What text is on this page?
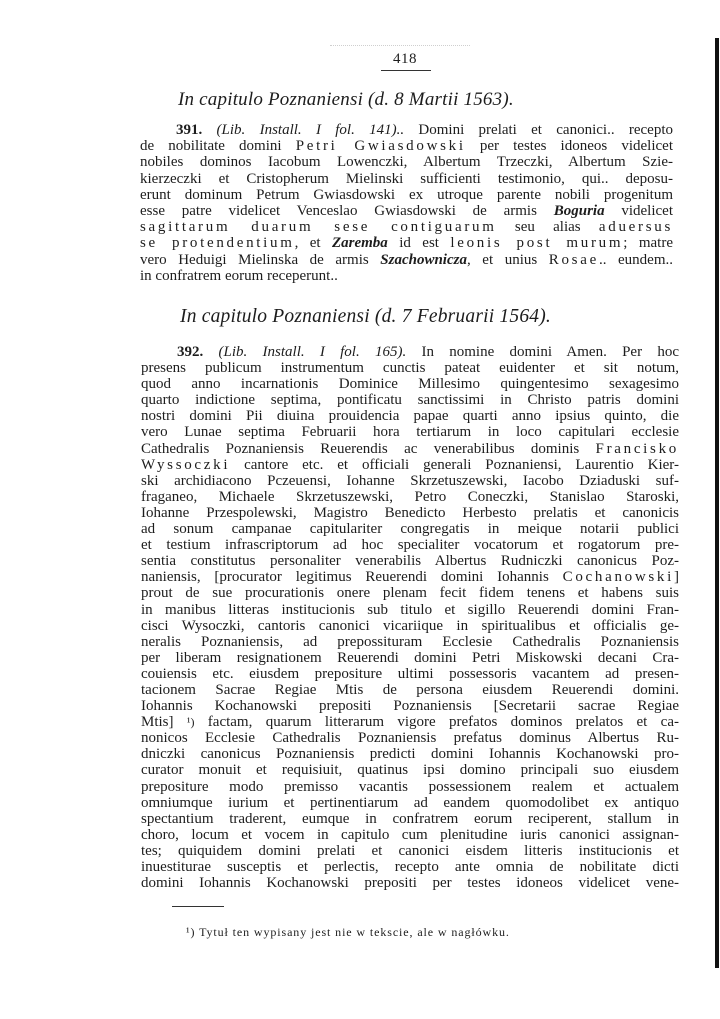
418
In capitulo Poznaniensi (d. 8 Martii 1563).
391. (Lib. Install. I fol. 141).. Domini prelati et canonici.. recepto
de nobilitate domini Petri Gwiasdowski per testes idoneos videlicet
nobiles dominos Iacobum Lowenczki, Albertum Trzeczki, Albertum Szie-
kierzeczki et Cristopherum Mielinski sufficienti testimonio, qui.. deposu-
erunt dominum Petrum Gwiasdowski ex utroque parente nobili progenitum
esse patre videlicet Venceslao Gwiasdowski de armis Boguria videlicet
sagittarum duarum sese contiguarum seu alias aduersus
se protendentium, et Zaremba id est leonis post murum; matre
vero Heduigi Mielinska de armis Szachownicza, et unius Rosae.. eundem..
in confratrem eorum receperunt..
In capitulo Poznaniensi (d. 7 Februarii 1564).
392. (Lib. Install. I fol. 165). In nomine domini Amen. Per hoc
presens publicum instrumentum cunctis pateat euidenter et sit notum,
quod anno incarnationis Dominice Millesimo quingentesimo sexagesimo
quarto indictione septima, pontificatu sanctissimi in Christo patris domini
nostri domini Pii diuina prouidencia papae quarti anno ipsius quinto, die
vero Lunae septima Februarii hora tertiarum in loco capitulari ecclesie
Cathedralis Poznaniensis Reuerendis ac venerabilibus dominis Francisko
Wyssoczki cantore etc. et officiali generali Poznaniensi, Laurentio Kier-
ski archidiacono Pczeuensi, Iohanne Skrzetuszewski, Iacobo Dziaduski suf-
fraganeo, Michaele Skrzetuszewski, Petro Coneczki, Stanislao Staroski,
Iohanne Przespolewski, Magistro Benedicto Herbesto prelatis et canonicis
ad sonum campanae capitulariter congregatis in meique notarii publici
et testium infrascriptorum ad hoc specialiter vocatorum et rogatorum pre-
sentia constitutus personaliter venerabilis Albertus Rudniczki canonicus Poz-
naniensis, [procurator legitimus Reuerendi domini Iohannis Cochanowski]
prout de sue procurationis onere plenam fecit fidem tenens et habens suis
in manibus litteras institucionis sub titulo et sigillo Reuerendi domini Fran-
cisci Wysoczki, cantoris canonici vicariique in spiritualibus et officialis ge-
neralis Poznaniensis, ad prepossituram Ecclesie Cathedralis Poznaniensis
per liberam resignationem Reuerendi domini Petri Miskowski decani Cra-
couiensis etc. eiusdem prepositure ultimi possessoris vacantem ad presen-
tacionem Sacrae Regiae Mtis de persona eiusdem Reuerendi domini.
Iohannis Kochanowski prepositi Poznaniensis [Secretarii sacrae Regiae
Mtis] ¹) factam, quarum litterarum vigore prefatos dominos prelatos et ca-
nonicos Ecclesie Cathedralis Poznaniensis prefatus dominus Albertus Ru-
dniczki canonicus Poznaniensis predicti domini Iohannis Kochanowski pro-
curator monuit et requisiuit, quatinus ipsi domino principali suo eiusdem
prepositure modo premisso vacantis possessionem realem et actualem
omniumque iurium et pertinentiarum ad eandem quomodolibet ex antiquo
spectantium traderent, eumque in confratrem eorum reciperent, stallum in
choro, locum et vocem in capitulo cum plenitudine iuris canonici assignan-
tes; quiquidem domini prelati et canonici eisdem litteris institucionis et
inuestiturae susceptis et perlectis, recepto ante omnia de nobilitate dicti
domini Iohannis Kochanowski prepositi per testes idoneos videlicet vene-
¹) Tytuł ten wypisany jest nie w tekscie, ale w nagłówku.
